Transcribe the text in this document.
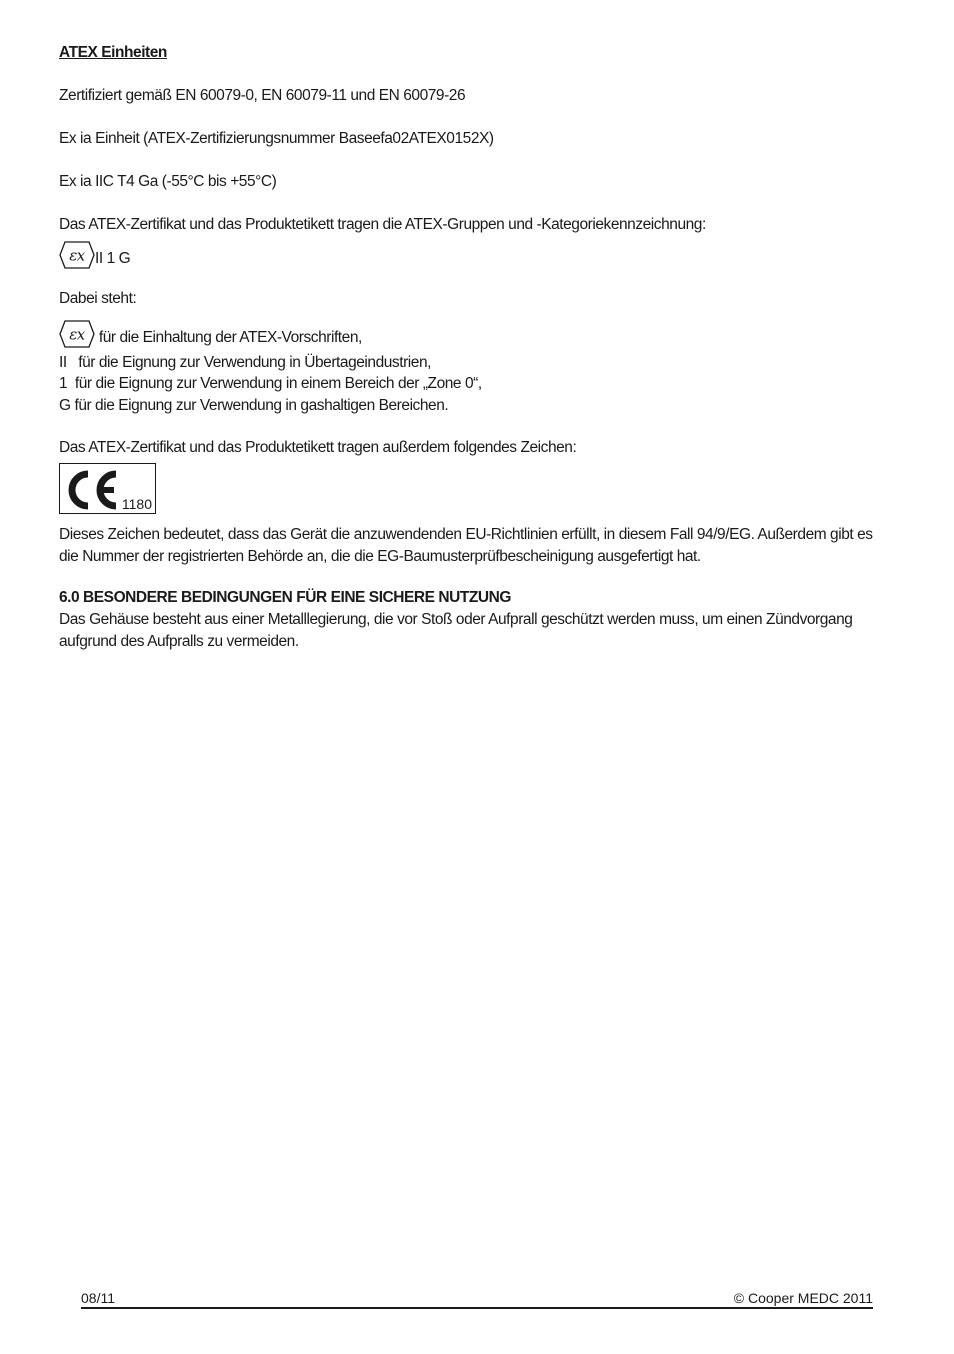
ATEX Einheiten
Zertifiziert gemäß EN 60079-0, EN 60079-11 und EN 60079-26
Ex ia Einheit (ATEX-Zertifizierungsnummer Baseefa02ATEX0152X)
Ex ia IIC T4 Ga (-55°C bis +55°C)
Das ATEX-Zertifikat und das Produktetikett tragen die ATEX-Gruppen und -Kategoriekennzeichnung:
εx II 1 G
Dabei steht:
εx für die Einhaltung der ATEX-Vorschriften,
II   für die Eignung zur Verwendung in Übertageindustrien,
1  für die Eignung zur Verwendung in einem Bereich der „Zone 0“,
G für die Eignung zur Verwendung in gashaltigen Bereichen.
Das ATEX-Zertifikat und das Produktetikett tragen außerdem folgendes Zeichen:
1180
Dieses Zeichen bedeutet, dass das Gerät die anzuwendenden EU-Richtlinien erfüllt, in diesem Fall 94/9/EG. Außerdem gibt es die Nummer der registrierten Behörde an, die die EG-Baumusterprüfbescheinigung ausgefertigt hat.
6.0 BESONDERE BEDINGUNGEN FÜR EINE SICHERE NUTZUNG
Das Gehäuse besteht aus einer Metalllegierung, die vor Stoß oder Aufprall geschützt werden muss, um einen Zündvorgang aufgrund des Aufpralls zu vermeiden.
08/11	© Cooper MEDC 2011
